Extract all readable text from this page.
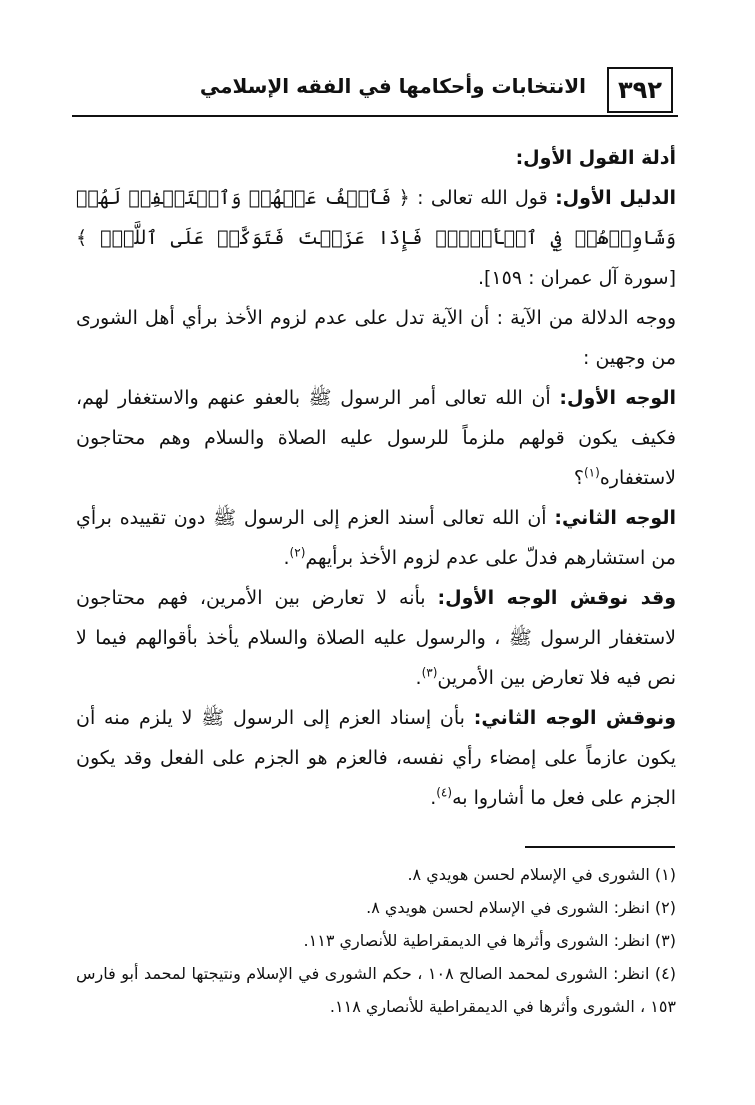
٣٩٢
الانتخابات وأحكامها في الفقه الإسلامي

أدلة القول الأول:

الدليل الأول: قول الله تعالى : ﴿ فَٱعۡفُ عَنۡهُمۡ وَٱسۡتَغۡفِرۡ لَهُمۡ وَشَاوِرۡهُمۡ فِي ٱلۡأَمۡرِۖ فَإِذَا عَزَمۡتَ فَتَوَكَّلۡ عَلَى ٱللَّهِۚ ﴾ [سورة آل عمران : ١٥٩].

ووجه الدلالة من الآية : أن الآية تدل على عدم لزوم الأخذ برأي أهل الشورى من وجهين :

الوجه الأول: أن الله تعالى أمر الرسول ﷺ بالعفو عنهم والاستغفار لهم، فكيف يكون قولهم ملزماً للرسول عليه الصلاة والسلام وهم محتاجون لاستغفاره$^{(١)}$؟

الوجه الثاني: أن الله تعالى أسند العزم إلى الرسول ﷺ دون تقييده برأي من استشارهم فدلّ على عدم لزوم الأخذ برأيهم$^{(٢)}$.

وقد نوقش الوجه الأول: بأنه لا تعارض بين الأمرين، فهم محتاجون لاستغفار الرسول ﷺ ، والرسول عليه الصلاة والسلام يأخذ بأقوالهم فيما لا نص فيه فلا تعارض بين الأمرين$^{(٣)}$.

ونوقش الوجه الثاني: بأن إسناد العزم إلى الرسول ﷺ لا يلزم منه أن يكون عازماً على إمضاء رأي نفسه، فالعزم هو الجزم على الفعل وقد يكون الجزم على فعل ما أشاروا به$^{(٤)}$.

(١) الشورى في الإسلام لحسن هويدي ٨.

(٢) انظر: الشورى في الإسلام لحسن هويدي ٨.

(٣) انظر: الشورى وأثرها في الديمقراطية للأنصاري ١١٣.

(٤) انظر: الشورى لمحمد الصالح ١٠٨ ، حكم الشورى في الإسلام ونتيجتها لمحمد أبو فارس ١٥٣ ، الشورى وأثرها في الديمقراطية للأنصاري ١١٨.
